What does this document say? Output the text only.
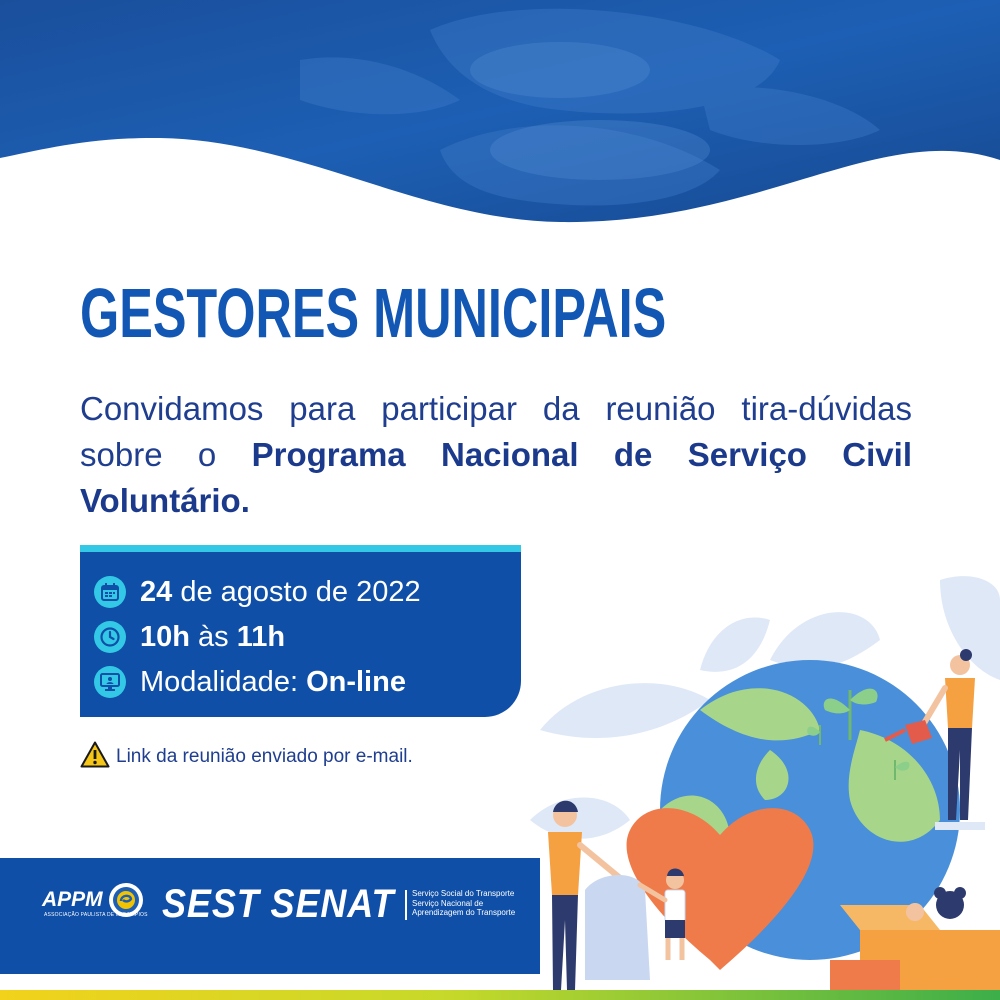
GESTORES MUNICIPAIS

Convidamos para participar da reunião tira-dúvidas sobre o Programa Nacional de Serviço Civil Voluntário.

24 de agosto de 2022
10h às 11h
Modalidade: On-line
Link da reunião enviado por e-mail.
APPM
ASSOCIAÇÃO PAULISTA DE MUNICÍPIOS SEST SENAT Serviço Social do Transporte
Serviço Nacional de
Aprendizagem do Transporte
